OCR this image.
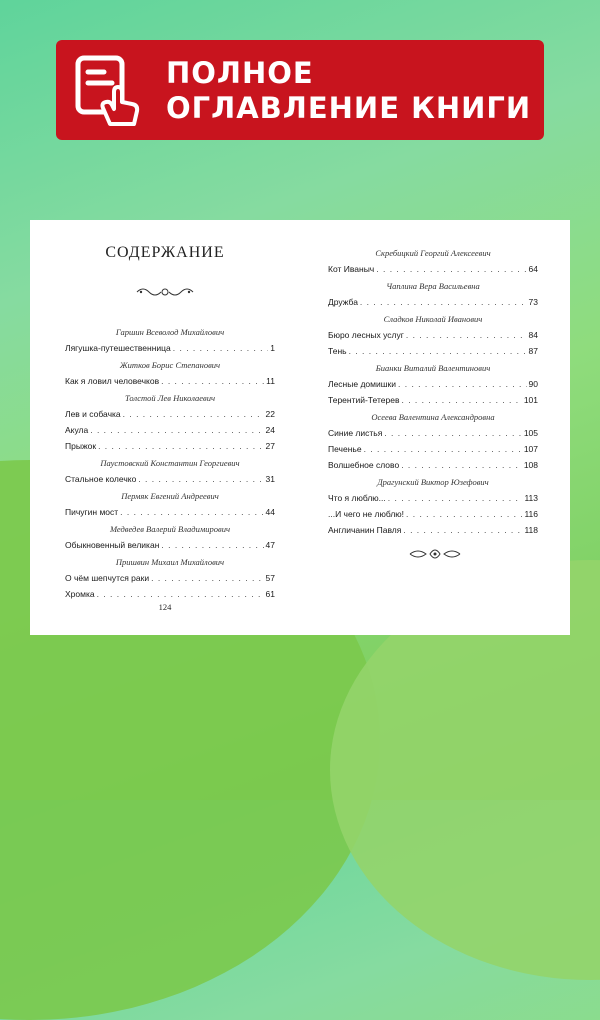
ПОЛНОЕ
ОГЛАВЛЕНИЕ КНИГИ
СОДЕРЖАНИЕ
Гаршин Всеволод Михайлович
Лягушка-путешественница . . .	1
Житков Борис Степанович
Как я ловил человечков . . .	11
Толстой Лев Николаевич
Лев и собачка . . .	22
Акула . . .	24
Прыжок . . .	27
Паустовский Константин Георгиевич
Стальное колечко . . .	31
Пермяк Евгений Андреевич
Пичугин мост . . .	44
Медведев Валерий Владимирович
Обыкновенный великан . . .	47
Пришвин Михаил Михайлович
О чём шепчутся раки . . .	57
Хромка . . .	61
124
Скребицкий Георгий Алексеевич
Кот Иваныч . . .	64
Чаплина Вера Васильевна
Дружба . . .	73
Сладков Николай Иванович
Бюро лесных услуг . . .	84
Тень . . .	87
Бианки Виталий Валентинович
Лесные домишки . . .	90
Терентий-Тетерев . . .	101
Осеева Валентина Александровна
Синие листья . . .	105
Печенье . . .	107
Волшебное слово . . .	108
Драгунский Виктор Юзефович
Что я люблю... . . .	113
...И чего не люблю! . . .	116
Англичанин Павля . . .	118
